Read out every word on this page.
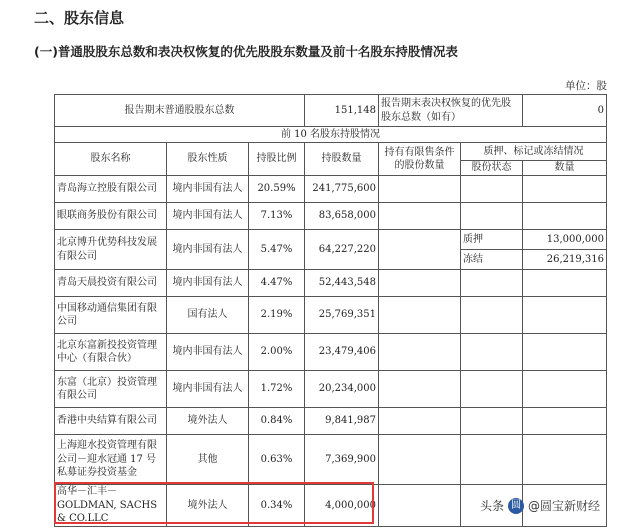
二、股东信息
(一)普通股股东总数和表决权恢复的优先股股东数量及前十名股东持股情况表
单位：股
报告期末普通股股东总数			151,148	报告期末表决权恢复的优先股股东总数（如有）		0
前 10 名股东持股情况						
股东名称	股东性质	持股比例	持股数量	持有有限售条件的股份数量	质押、标记或冻结情况	
					股份状态	数量
青岛海立控股有限公司	境内非国有法人	20.59%	241,775,600			
眼联商务股份有限公司	境内非国有法人	7.13%	83,658,000			
北京博升优势科技发展有限公司	境内非国有法人	5.47%	64,227,220		质押	13,000,000
					冻结	26,219,316
青岛天晨投资有限公司	境内非国有法人	4.47%	52,443,548			
中国移动通信集团有限公司	国有法人	2.19%	25,769,351			
北京东富新投投资管理中心（有限合伙）	境内非国有法人	2.00%	23,479,406			
东富（北京）投资管理有限公司	境内非国有法人	1.72%	20,234,000			
香港中央结算有限公司	境外法人	0.84%	9,841,987			
上海迎水投资管理有限公司－迎水冠通 17 号私募证券投资基金	其他	0.63%	7,369,900			
高华－汇丰－GOLDMAN, SACHS & CO.LLC	境外法人	0.34%	4,000,000				头条 圆 @圆宝新财经
